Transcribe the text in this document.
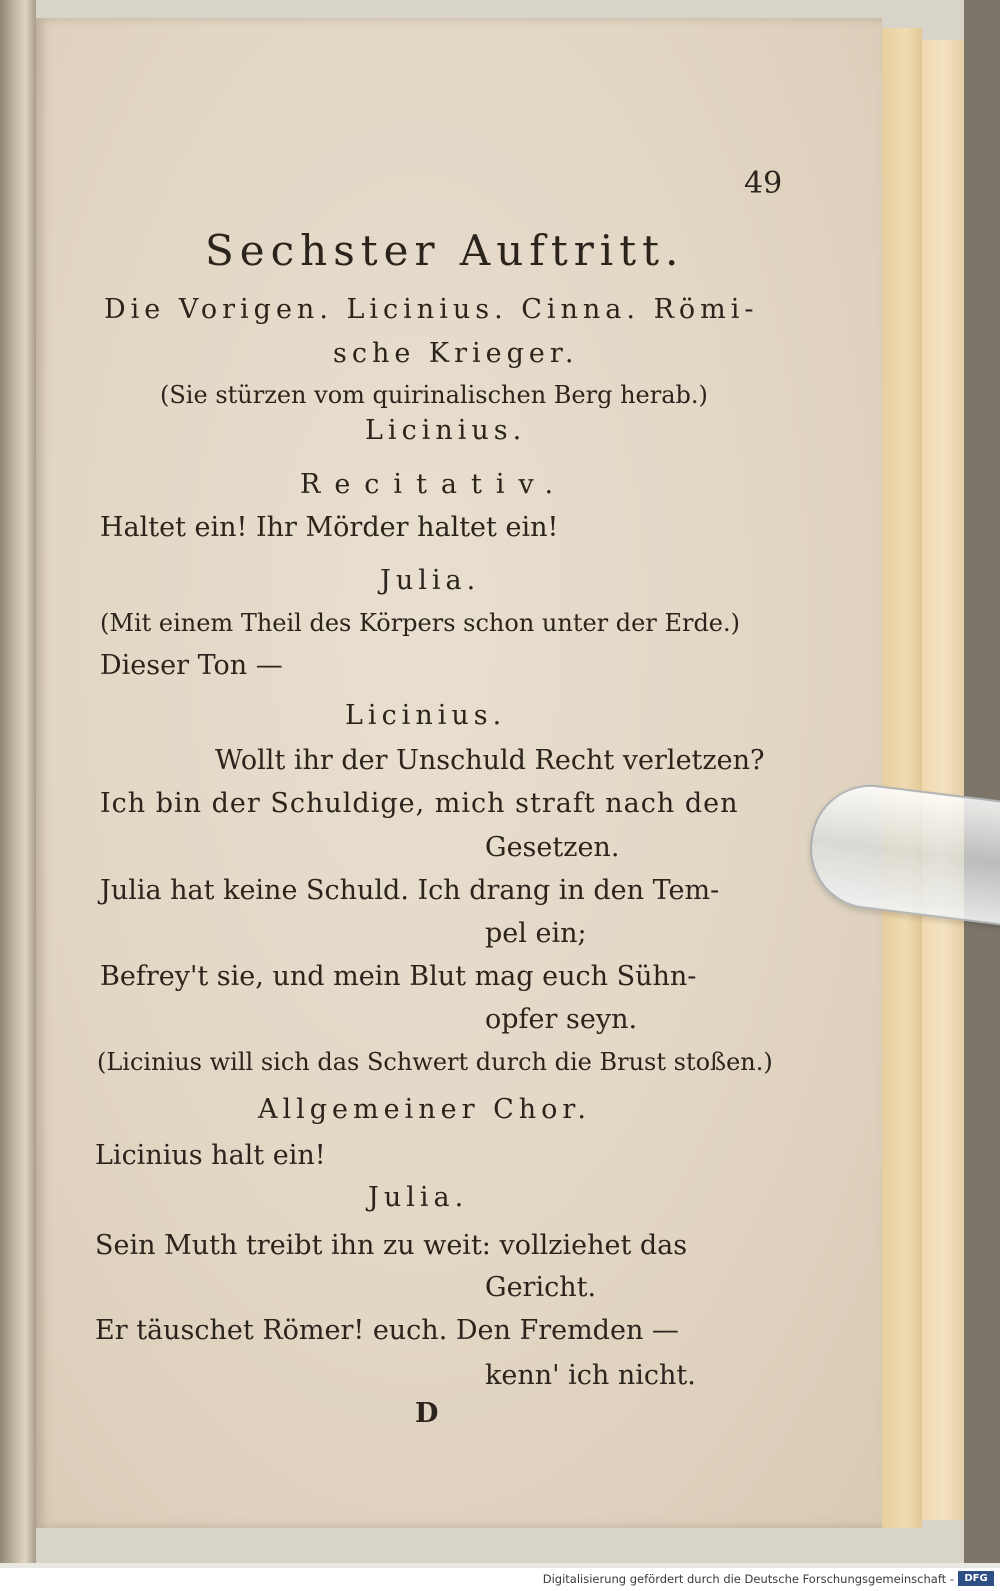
49
Sechster Auftritt.
Die Vorigen. Licinius. Cinna. Römi-
sche Krieger.
(Sie stürzen vom quirinalischen Berg herab.)
Licinius.
Recitativ.
Haltet ein! Ihr Mörder haltet ein!
Julia.
(Mit einem Theil des Körpers schon unter der Erde.)
Dieser Ton —
Licinius.
Wollt ihr der Unschuld Recht verletzen?
Ich bin der Schuldige, mich straft nach den
Gesetzen.
Julia hat keine Schuld. Ich drang in den Tem-
pel ein;
Befrey't sie, und mein Blut mag euch Sühn-
opfer seyn.
(Licinius will sich das Schwert durch die Brust stoßen.)
Allgemeiner Chor.
Licinius halt ein!
Julia.
Sein Muth treibt ihn zu weit: vollziehet das
Gericht.
Er täuschet Römer! euch. Den Fremden —
kenn' ich nicht.
D
Digitalisierung gefördert durch die Deutsche Forschungsgemeinschaft -	DFG
